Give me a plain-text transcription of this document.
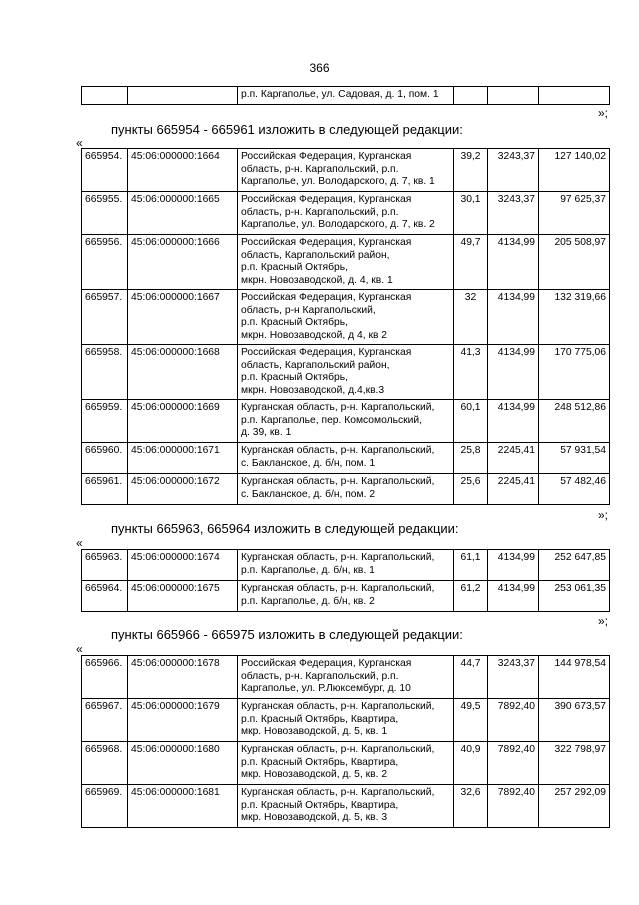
366
		р.п. Каргаполье, ул. Садовая, д. 1, пом. 1			
»;
пункты 665954 - 665961 изложить в следующей редакции:
«
665954.	45:06:000000:1664	Российская Федерация, Курганская
область, р-н. Каргапольский, р.п.
Каргаполье, ул. Володарского, д. 7, кв. 1	39,2	3243,37	127 140,02
665955.	45:06:000000:1665	Российская Федерация, Курганская
область, р-н. Каргапольский, р.п.
Каргаполье, ул. Володарского, д. 7, кв. 2	30,1	3243,37	97 625,37
665956.	45:06:000000:1666	Российская Федерация, Курганская
область, Каргапольский район,
р.п. Красный Октябрь,
мкрн. Новозаводской, д. 4, кв. 1	49,7	4134,99	205 508,97
665957.	45:06:000000:1667	Российская Федерация, Курганская
область, р-н Каргапольский,
р.п. Красный Октябрь,
мкрн. Новозаводской, д 4, кв 2	32	4134,99	132 319,66
665958.	45:06:000000:1668	Российская Федерация, Курганская
область, Каргапольский район,
р.п. Красный Октябрь,
мкрн. Новозаводской, д.4,кв.3	41,3	4134,99	170 775,06
665959.	45:06:000000:1669	Курганская область, р-н. Каргапольский,
р.п. Каргаполье, пер. Комсомольский,
д. 39, кв. 1	60,1	4134,99	248 512,86
665960.	45:06:000000:1671	Курганская область, р-н. Каргапольский,
с. Бакланское, д. б/н, пом. 1	25,8	2245,41	57 931,54
665961.	45:06:000000:1672	Курганская область, р-н. Каргапольский,
с. Бакланское, д. б/н, пом. 2	25,6	2245,41	57 482,46
»;
пункты 665963, 665964 изложить в следующей редакции:
«
665963.	45:06:000000:1674	Курганская область, р-н. Каргапольский,
р.п. Каргаполье, д. б/н, кв. 1	61,1	4134,99	252 647,85
665964.	45:06:000000:1675	Курганская область, р-н. Каргапольский,
р.п. Каргаполье, д. б/н, кв. 2	61,2	4134,99	253 061,35
»;
пункты 665966 - 665975 изложить в следующей редакции:
«
665966.	45:06:000000:1678	Российская Федерация, Курганская
область, р-н. Каргапольский, р.п.
Каргаполье, ул. Р.Люксембург, д. 10	44,7	3243,37	144 978,54
665967.	45:06:000000:1679	Курганская область, р-н. Каргапольский,
р.п. Красный Октябрь, Квартира,
мкр. Новозаводской, д. 5, кв. 1	49,5	7892,40	390 673,57
665968.	45:06:000000:1680	Курганская область, р-н. Каргапольский,
р.п. Красный Октябрь, Квартира,
мкр. Новозаводской, д. 5, кв. 2	40,9	7892,40	322 798,97
665969.	45:06:000000:1681	Курганская область, р-н. Каргапольский,
р.п. Красный Октябрь, Квартира,
мкр. Новозаводской, д. 5, кв. 3	32,6	7892,40	257 292,09
